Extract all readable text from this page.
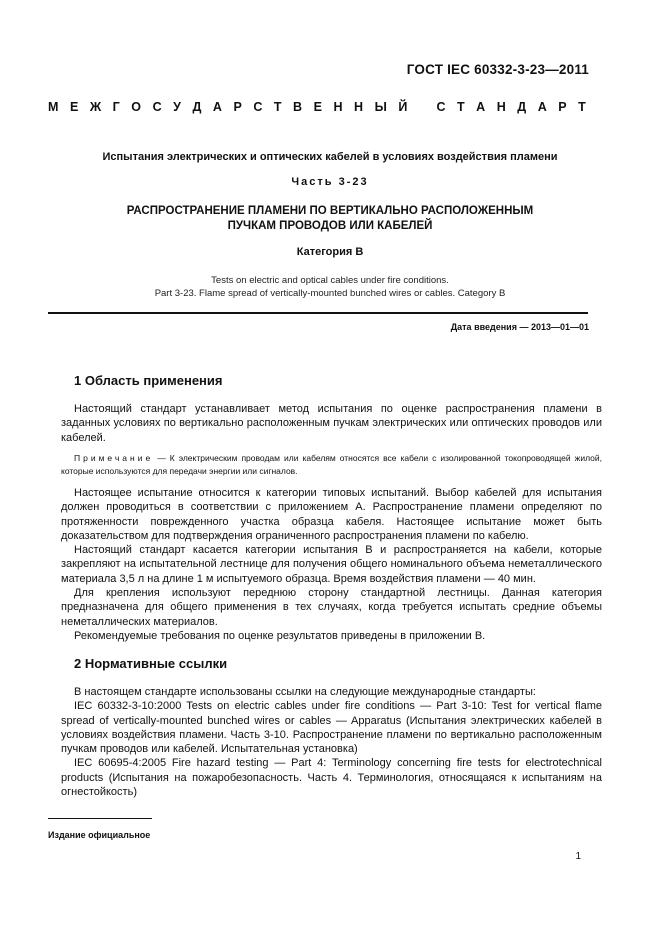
ГОСТ IEC 60332-3-23—2011
М Е Ж Г О С У Д А Р С Т В Е Н Н Ы Й С Т А Н Д А Р Т
Испытания электрических и оптических кабелей в условиях воздействия пламени
Часть 3-23
РАСПРОСТРАНЕНИЕ ПЛАМЕНИ ПО ВЕРТИКАЛЬНО РАСПОЛОЖЕННЫМ
ПУЧКАМ ПРОВОДОВ ИЛИ КАБЕЛЕЙ
Категория В
Tests on electric and optical cables under fire conditions.
Part 3-23. Flame spread of vertically-mounted bunched wires or cables. Category B
Дата введения — 2013—01—01
1 Область применения

Настоящий стандарт устанавливает метод испытания по оценке распространения пламени в заданных условиях по вертикально расположенным пучкам электрических или оптических проводов или кабелей.

Примечание — К электрическим проводам или кабелям относятся все кабели с изолированной токопроводящей жилой, которые используются для передачи энергии или сигналов.

Настоящее испытание относится к категории типовых испытаний. Выбор кабелей для испытания должен проводиться в соответствии с приложением А. Распространение пламени определяют по протяженности поврежденного участка образца кабеля. Настоящее испытание может быть доказательством для подтверждения ограниченного распространения пламени по кабелю.

Настоящий стандарт касается категории испытания В и распространяется на кабели, которые закрепляют на испытательной лестнице для получения общего номинального объема неметаллического материала 3,5 л на длине 1 м испытуемого образца. Время воздействия пламени — 40 мин.

Для крепления используют переднюю сторону стандартной лестницы. Данная категория предназначена для общего применения в тех случаях, когда требуется испытать средние объемы неметаллических материалов.

Рекомендуемые требования по оценке результатов приведены в приложении В.

2 Нормативные ссылки

В настоящем стандарте использованы ссылки на следующие международные стандарты:

IEC 60332-3-10:2000 Tests on electric cables under fire conditions — Part 3-10: Test for vertical flame spread of vertically-mounted bunched wires or cables — Apparatus (Испытания электрических кабелей в условиях воздействия пламени. Часть 3-10. Распространение пламени по вертикально расположенным пучкам проводов или кабелей. Испытательная установка)

IEC 60695-4:2005 Fire hazard testing — Part 4: Terminology concerning fire tests for electrotechnical products (Испытания на пожаробезопасность. Часть 4. Терминология, относящаяся к испытаниям на огнестойкость)

Издание официальное
1
